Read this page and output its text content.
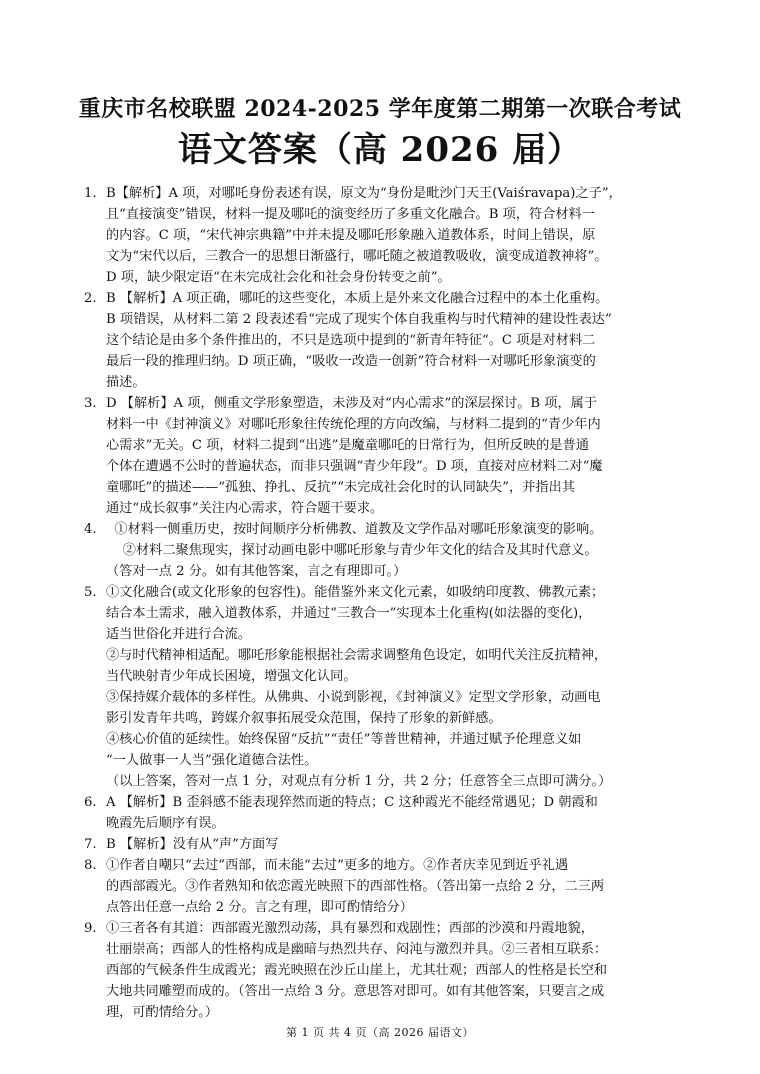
重庆市名校联盟 2024-2025 学年度第二期第一次联合考试
语文答案（高 2026 届）
1. B【解析】A 项，对哪吒身份表述有误，原文为“身份是毗沙门天王(Vaiśravapa)之子”，
且“直接演变”错误，材料一提及哪吒的演变经历了多重文化融合。B 项，符合材料一
的内容。C 项，“宋代神宗典籍”中并未提及哪吒形象融入道教体系，时间上错误，原
文为“宋代以后，三教合一的思想日渐盛行，哪吒随之被道教吸收，演变成道教神将”。
D 项，缺少限定语“在未完成社会化和社会身份转变之前”。
2. B 【解析】A 项正确，哪吒的这些变化，本质上是外来文化融合过程中的本土化重构。
B 项错误，从材料二第 2 段表述看“完成了现实个体自我重构与时代精神的建设性表达”
这个结论是由多个条件推出的，不只是选项中提到的“新青年特征“。C 项是对材料二
最后一段的推理归纳。D 项正确，“吸收一改造一创新”符合材料一对哪吒形象演变的
描述。
3. D 【解析】A 项，侧重文学形象塑造，未涉及对“内心需求”的深层探讨。B 项，属于
材料一中《封神演义》对哪吒形象往传统伦理的方向改编，与材料二提到的“青少年内
心需求”无关。C 项，材料二提到“出逃”是魔童哪吒的日常行为，但所反映的是普通
个体在遭遇不公时的普遍状态，而非只强调“青少年段”。D 项，直接对应材料二对“魔
童哪吒”的描述——“孤独、挣扎、反抗”“未完成社会化时的认同缺失”，并指出其
通过“成长叙事”关注内心需求，符合题干要求。
4. ①材料一侧重历史，按时间顺序分析佛教、道教及文学作品对哪吒形象演变的影响。
②材料二聚焦现实，探讨动画电影中哪吒形象与青少年文化的结合及其时代意义。
（答对一点 2 分。如有其他答案，言之有理即可。）
5. ①文化融合(或文化形象的包容性)。能借鉴外来文化元素，如吸纳印度教、佛教元素；
结合本土需求，融入道教体系，并通过“三教合一”实现本土化重构(如法器的变化)，
适当世俗化并进行合流。
②与时代精神相适配。哪吒形象能根据社会需求调整角色设定，如明代关注反抗精神，
当代映射青少年成长困境，增强文化认同。
③保持媒介载体的多样性。从佛典、小说到影视，《封神演义》定型文学形象，动画电
影引发青年共鸣，跨媒介叙事拓展受众范围，保持了形象的新鲜感。
④核心价值的延续性。始终保留“反抗”“责任”等普世精神，并通过赋予伦理意义如
“一人做事一人当”强化道德合法性。
（以上答案，答对一点 1 分，对观点有分析 1 分，共 2 分；任意答全三点即可满分。）
6. A 【解析】B 歪斜感不能表现猝然而逝的特点；C 这种霞光不能经常遇见；D 朝霞和
晚霞先后顺序有误。
7. B 【解析】没有从“声”方面写
8. ①作者自嘲只“去过”西部，而未能“去过”更多的地方。②作者庆幸见到近乎礼遇
的西部霞光。③作者熟知和依恋霞光映照下的西部性格。（答出第一点给 2 分，二三两
点答出任意一点给 2 分。言之有理，即可酌情给分）
9. ①三者各有其道：西部霞光激烈动荡，具有暴烈和戏剧性；西部的沙漠和丹霞地貌，
壮丽崇高；西部人的性格构成是幽暗与热烈共存、闷沌与激烈并具。②三者相互联系：
西部的气候条件生成霞光；霞光映照在沙丘山崖上，尤其壮观；西部人的性格是长空和
大地共同雕塑而成的。（答出一点给 3 分。意思答对即可。如有其他答案，只要言之成
理，可酌情给分。）
第 1 页 共 4 页（高 2026 届语文）
